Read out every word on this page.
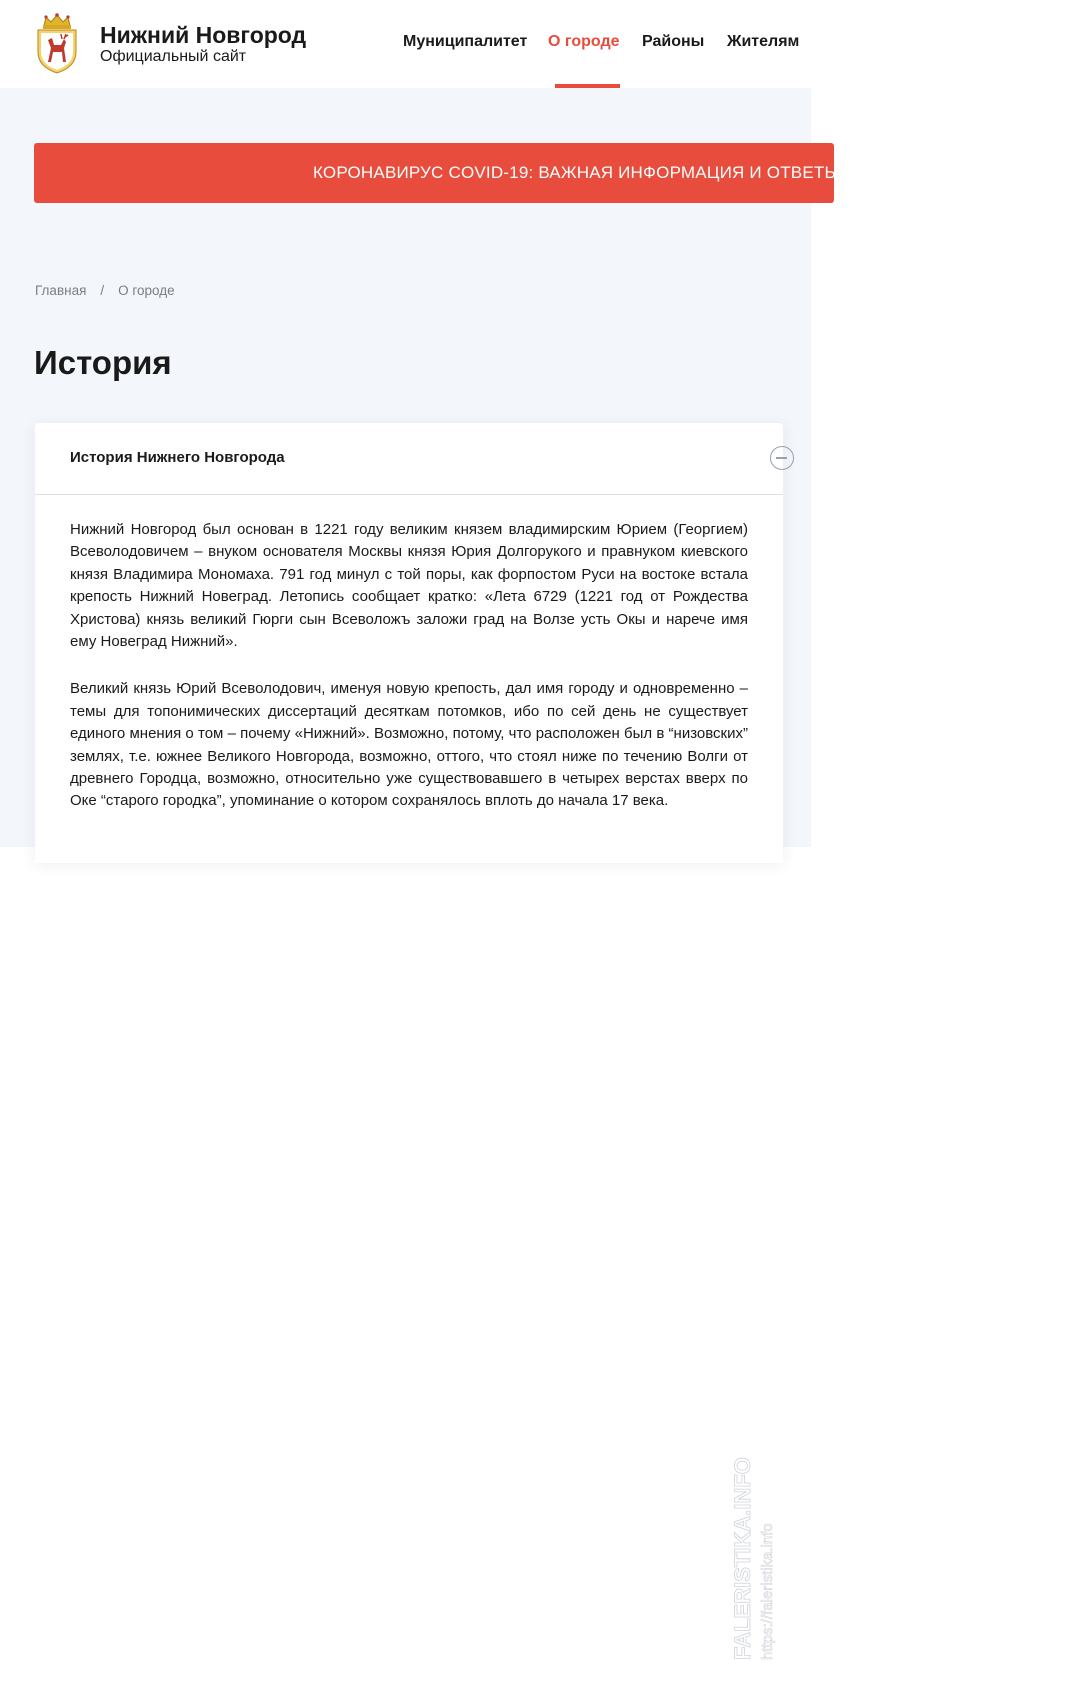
Нижний Новгород
Официальный сайт
Муниципалитет О городе Районы Жителям
КОРОНАВИРУС COVID-19: ВАЖНАЯ ИНФОРМАЦИЯ И ОТВЕТЫ НА ОСНОВНЫЕ ВОПРОСЫ
Главная / О городе
История
История Нижнего Новгорода

Нижний Новгород был основан в 1221 году великим князем владимирским Юрием (Георгием) Всеволодовичем – внуком основателя Москвы князя Юрия Долгорукого и правнуком киевского князя Владимира Мономаха. 791 год минул с той поры, как форпостом Руси на востоке встала крепость Нижний Новеград. Летопись сообщает кратко: «Лета 6729 (1221 год от Рождества Христова) князь великий Гюрги сын Всеволожъ заложи град на Волзе усть Окы и нарече имя ему Новеград Нижний».

Великий князь Юрий Всеволодович, именуя новую крепость, дал имя городу и одновременно – темы для топонимических диссертаций десяткам потомков, ибо по сей день не существует единого мнения о том – почему «Нижний». Возможно, потому, что расположен был в “низовских” землях, т.е. южнее Великого Новгорода, возможно, оттого, что стоял ниже по течению Волги от древнего Городца, возможно, относительно уже существовавшего в четырех верстах вверх по Оке “старого городка”, упоминание о котором сохранялось вплоть до начала 17 века.

FALERISTIKA.INFO https://faleristika.info
